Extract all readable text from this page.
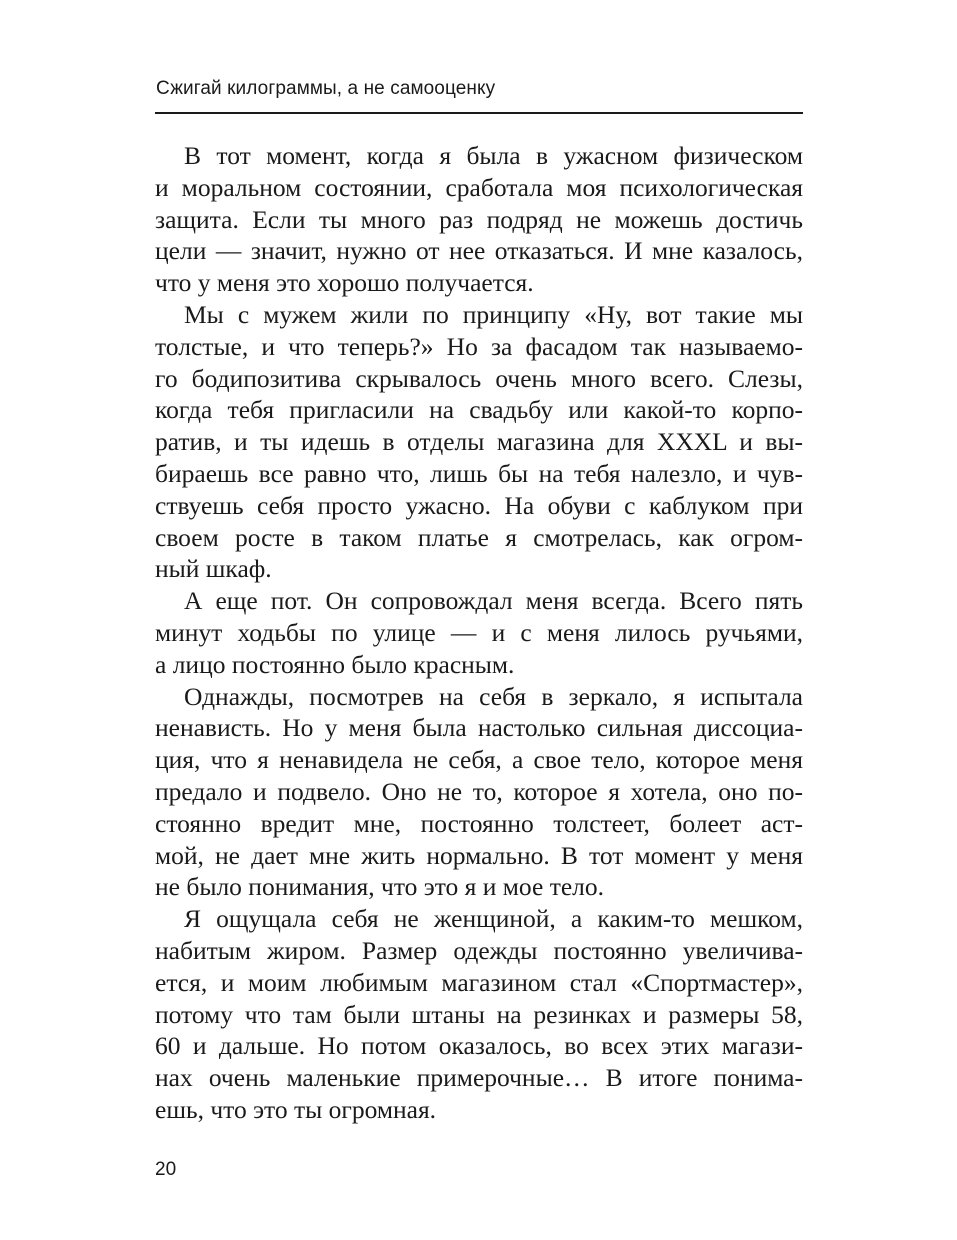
Сжигай килограммы, а не самооценку
В тот момент, когда я была в ужасном физическом
и моральном состоянии, сработала моя психологическая
защита. Если ты много раз подряд не можешь достичь
цели — значит, нужно от нее отказаться. И мне казалось,
что у меня это хорошо получается.
Мы с мужем жили по принципу «Ну, вот такие мы
толстые, и что теперь?» Но за фасадом так называемо-
го бодипозитива скрывалось очень много всего. Слезы,
когда тебя пригласили на свадьбу или какой-то корпо-
ратив, и ты идешь в отделы магазина для XXXL и вы-
бираешь все равно что, лишь бы на тебя налезло, и чув-
ствуешь себя просто ужасно. На обуви с каблуком при
своем росте в таком платье я смотрелась, как огром-
ный шкаф.
А еще пот. Он сопровождал меня всегда. Всего пять
минут ходьбы по улице — и с меня лилось ручьями,
а лицо постоянно было красным.
Однажды, посмотрев на себя в зеркало, я испытала
ненависть. Но у меня была настолько сильная диссоциа-
ция, что я ненавидела не себя, а свое тело, которое меня
предало и подвело. Оно не то, которое я хотела, оно по-
стоянно вредит мне, постоянно толстеет, болеет аст-
мой, не дает мне жить нормально. В тот момент у меня
не было понимания, что это я и мое тело.
Я ощущала себя не женщиной, а каким-то мешком,
набитым жиром. Размер одежды постоянно увеличива-
ется, и моим любимым магазином стал «Спортмастер»,
потому что там были штаны на резинках и размеры 58,
60 и дальше. Но потом оказалось, во всех этих магази-
нах очень маленькие примерочные… В итоге понима-
ешь, что это ты огромная.
20
